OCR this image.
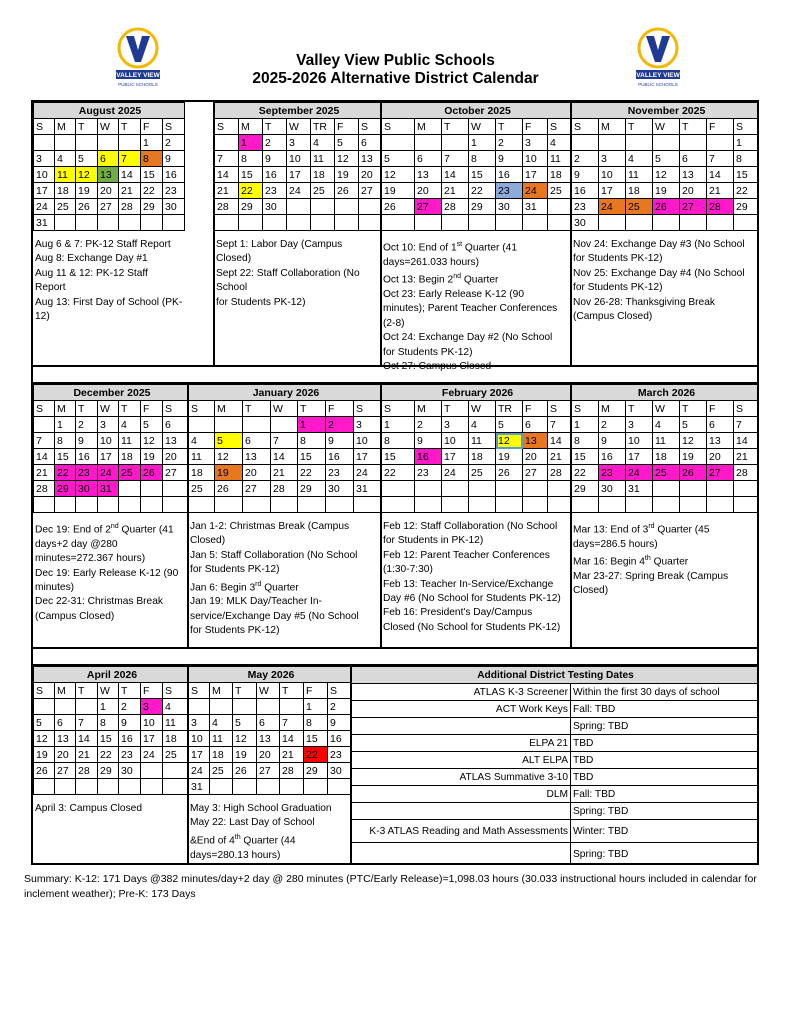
VALLEY VIEW
PUBLIC SCHOOLS
VALLEY VIEW
PUBLIC SCHOOLS
Valley View Public Schools
2025-2026 Alternative District Calendar
August 2025						
S	M	T	W	T	F	S
					1	2
3	4	5	6	7	8	9
10	11	12	13	14	15	16
17	18	19	20	21	22	23
24	25	26	27	28	29	30
31						
September 2025						
S	M	T	W	TR	F	S
	1	2	3	4	5	6
7	8	9	10	11	12	13
14	15	16	17	18	19	20
21	22	23	24	25	26	27
28	29	30				

October 2025						
S	M	T	W	T	F	S
			1	2	3	4
5	6	7	8	9	10	11
12	13	14	15	16	17	18
19	20	21	22	23	24	25
26	27	28	29	30	31	

November 2025						
S	M	T	W	T	F	S
						1
2	3	4	5	6	7	8
9	10	11	12	13	14	15
16	17	18	19	20	21	22
23	24	25	26	27	28	29
30						
Aug 6 & 7: PK-12 Staff Report
Aug 8: Exchange Day #1
Aug 11 & 12: PK-12 Staff
Report
Aug 13: First Day of School (PK-
12)
Sept 1: Labor Day (Campus Closed)
Sept 22: Staff Collaboration (No School
for Students PK-12)
Oct 10: End of 1st Quarter (41
days=261.033 hours)
Oct 13: Begin 2nd Quarter
Oct 23: Early Release K-12 (90
minutes); Parent Teacher Conferences
(2-8)
Oct 24: Exchange Day #2 (No School
for Students PK-12)
Oct 27: Campus Closed
Nov 24: Exchange Day #3 (No School
for Students PK-12)
Nov 25: Exchange Day #4 (No School
for Students PK-12)
Nov 26-28: Thanksgiving Break
(Campus Closed)
December 2025						
S	M	T	W	T	F	S
	1	2	3	4	5	6
7	8	9	10	11	12	13
14	15	16	17	18	19	20
21	22	23	24	25	26	27
28	29	30	31			

January 2026						
S	M	T	W	T	F	S
				1	2	3
4	5	6	7	8	9	10
11	12	13	14	15	16	17
18	19	20	21	22	23	24
25	26	27	28	29	30	31

February 2026						
S	M	T	W	TR	F	S
1	2	3	4	5	6	7
8	9	10	11	12	13	14
15	16	17	18	19	20	21
22	23	24	25	26	27	28

March 2026						
S	M	T	W	T	F	S
1	2	3	4	5	6	7
8	9	10	11	12	13	14
15	16	17	18	19	20	21
22	23	24	25	26	27	28
29	30	31				

Dec 19: End of 2nd Quarter (41
days+2 day @280
minutes=272.367 hours)
Dec 19: Early Release K-12 (90
minutes)
Dec 22-31: Christmas Break
(Campus Closed)
Jan 1-2: Christmas Break (Campus
Closed)
Jan 5: Staff Collaboration (No School
for Students PK-12)
Jan 6: Begin 3rd Quarter
Jan 19: MLK Day/Teacher In-
service/Exchange Day #5 (No School
for Students PK-12)
Feb 12: Staff Collaboration (No School
for Students in PK-12)
Feb 12: Parent Teacher Conferences
(1:30-7:30)
Feb 13: Teacher In-Service/Exchange
Day #6 (No School for Students PK-12)
Feb 16: President's Day/Campus
Closed (No School for Students PK-12)
Mar 13: End of 3rd Quarter (45
days=286.5 hours)
Mar 16: Begin 4th Quarter
Mar 23-27: Spring Break (Campus
Closed)
April 2026						
S	M	T	W	T	F	S
			1	2	3	4
5	6	7	8	9	10	11
12	13	14	15	16	17	18
19	20	21	22	23	24	25
26	27	28	29	30		

May 2026						
S	M	T	W	T	F	S
					1	2
3	4	5	6	7	8	9
10	11	12	13	14	15	16
17	18	19	20	21	22	23
24	25	26	27	28	29	30
31						
April 3: Campus Closed	May 3: High School Graduation
May 22: Last Day of School
&End of 4th Quarter (44
days=280.13 hours)
Additional District Testing Dates	
ATLAS K-3 Screener	Within the first 30 days of school
ACT Work Keys	Fall: TBD
	Spring: TBD
ELPA 21	TBD
ALT ELPA	TBD
ATLAS Summative 3-10	TBD
DLM	Fall: TBD
	Spring: TBD
K-3 ATLAS Reading and Math Assessments	Winter: TBD
	Spring: TBD
Summary: K-12: 171 Days @382 minutes/day+2 day @ 280 minutes (PTC/Early Release)=1,098.03 hours (30.033 instructional hours included in calendar for inclement weather); Pre-K: 173 Days
